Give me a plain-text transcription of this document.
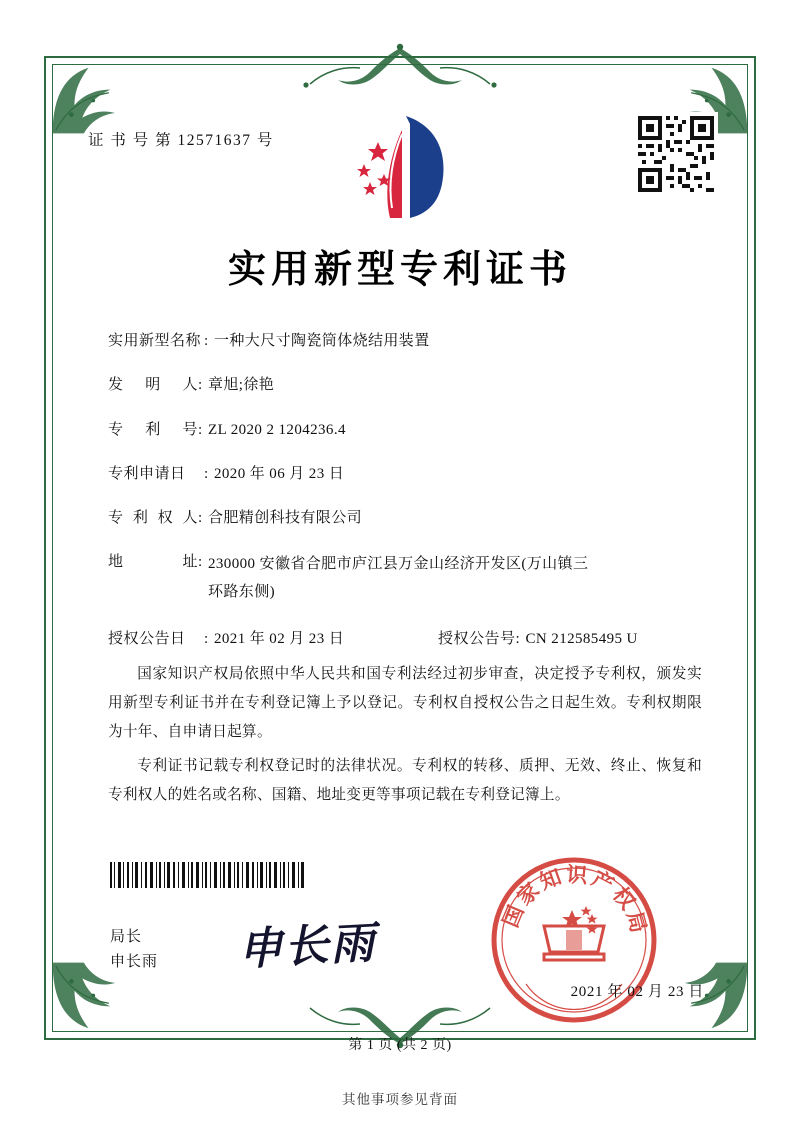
证 书 号 第 12571637 号
实用新型专利证书
实用新型名称 : 一种大尺寸陶瓷筒体烧结用装置
发 明 人 : 章旭;徐艳
专 利 号 : ZL 2020 2 1204236.4
专利申请日	: 2020 年 06 月 23 日
专 利 权 人 : 合肥精创科技有限公司
地 址 : 230000 安徽省合肥市庐江县万金山经济开发区(万山镇三
环路东侧)
授权公告日	: 2021 年 02 月 23 日	授权公告号 : CN 212585495 U

国家知识产权局依照中华人民共和国专利法经过初步审查，决定授予专利权，颁发实用新型专利证书并在专利登记簿上予以登记。专利权自授权公告之日起生效。专利权期限为十年、自申请日起算。

专利证书记载专利权登记时的法律状况。专利权的转移、质押、无效、终止、恢复和专利权人的姓名或名称、国籍、地址变更等事项记载在专利登记簿上。

局长
申长雨 申长雨
国家知识产权局
2021 年 02 月 23 日
第 1 页 (共 2 页)
其他事项参见背面
